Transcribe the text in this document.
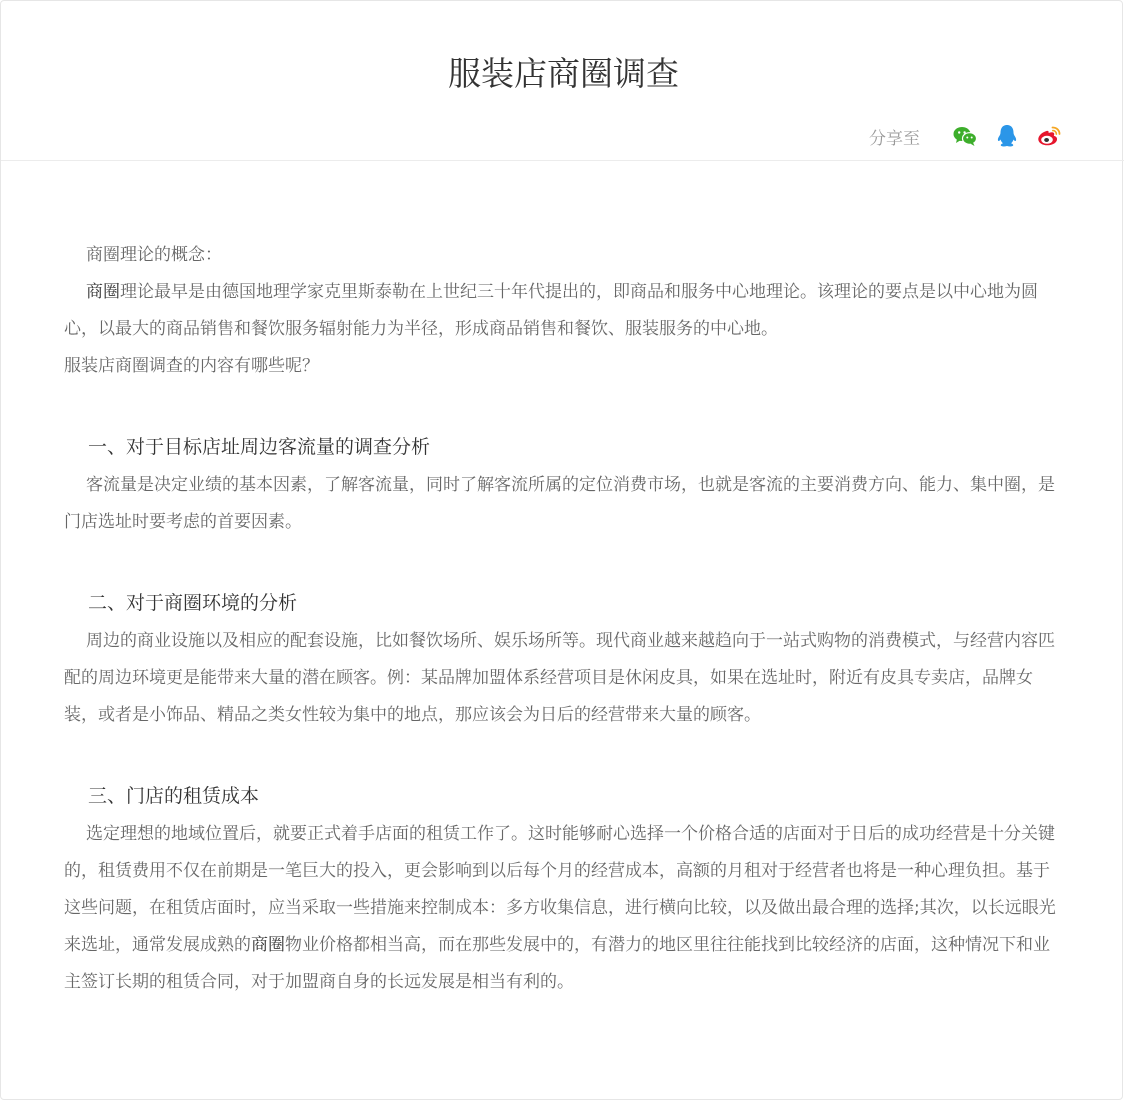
服装店商圈调查
分享至

商圈理论的概念：

商圈理论最早是由德国地理学家克里斯泰勒在上世纪三十年代提出的，即商品和服务中心地理论。该理论的要点是以中心地为圆心，以最大的商品销售和餐饮服务辐射能力为半径，形成商品销售和餐饮、服装服务的中心地。

服装店商圈调查的内容有哪些呢？

一、对于目标店址周边客流量的调查分析

客流量是决定业绩的基本因素，了解客流量，同时了解客流所属的定位消费市场，也就是客流的主要消费方向、能力、集中圈，是门店选址时要考虑的首要因素。

二、对于商圈环境的分析

周边的商业设施以及相应的配套设施，比如餐饮场所、娱乐场所等。现代商业越来越趋向于一站式购物的消费模式，与经营内容匹配的周边环境更是能带来大量的潜在顾客。例：某品牌加盟体系经营项目是休闲皮具，如果在选址时，附近有皮具专卖店，品牌女装，或者是小饰品、精品之类女性较为集中的地点，那应该会为日后的经营带来大量的顾客。

三、门店的租赁成本

选定理想的地域位置后，就要正式着手店面的租赁工作了。这时能够耐心选择一个价格合适的店面对于日后的成功经营是十分关键的，租赁费用不仅在前期是一笔巨大的投入，更会影响到以后每个月的经营成本，高额的月租对于经营者也将是一种心理负担。基于这些问题，在租赁店面时，应当采取一些措施来控制成本：多方收集信息，进行横向比较，以及做出最合理的选择;其次，以长远眼光来选址，通常发展成熟的商圈物业价格都相当高，而在那些发展中的，有潜力的地区里往往能找到比较经济的店面，这种情况下和业主签订长期的租赁合同，对于加盟商自身的长远发展是相当有利的。
